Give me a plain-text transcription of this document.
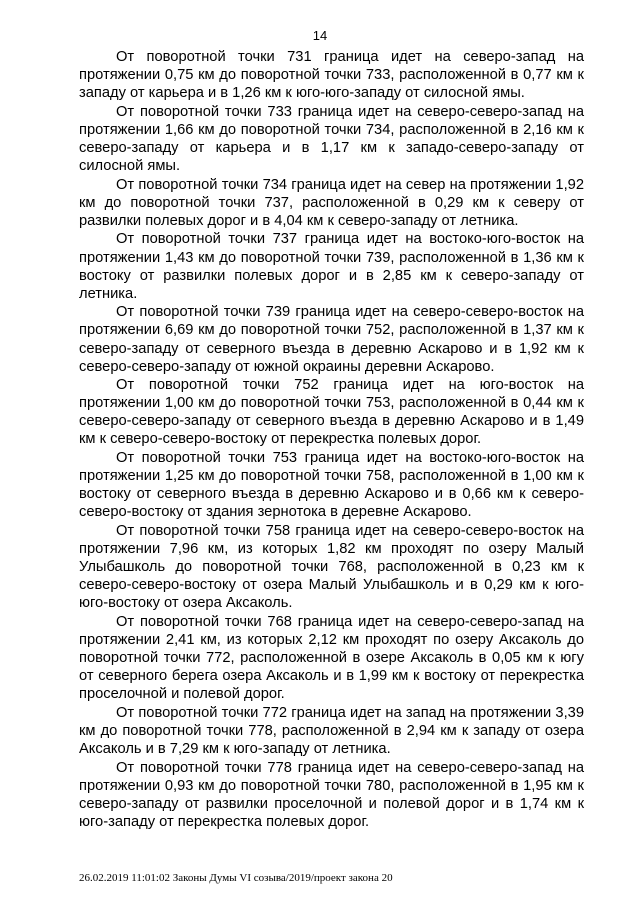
14

От поворотной точки 731 граница идет на северо-запад на протяжении 0,75 км до поворотной точки 733, расположенной в 0,77 км к западу от карьера и в 1,26 км к юго-юго-западу от силосной ямы.

От поворотной точки 733 граница идет на северо-северо-запад на протяжении 1,66 км до поворотной точки 734, расположенной в 2,16 км к северо-западу от карьера и в 1,17 км к западо-северо-западу от силосной ямы.

От поворотной точки 734 граница идет на север на протяжении 1,92 км до поворотной точки 737, расположенной в 0,29 км к северу от развилки полевых дорог и в 4,04 км к северо-западу от летника.

От поворотной точки 737 граница идет на востоко-юго-восток на протяжении 1,43 км до поворотной точки 739, расположенной в 1,36 км к востоку от развилки полевых дорог и в 2,85 км к северо-западу от летника.

От поворотной точки 739 граница идет на северо-северо-восток на протяжении 6,69 км до поворотной точки 752, расположенной в 1,37 км к северо-западу от северного въезда в деревню Аскарово и в 1,92 км к северо-северо-западу от южной окраины деревни Аскарово.

От поворотной точки 752 граница идет на юго-восток на протяжении 1,00 км до поворотной точки 753, расположенной в 0,44 км к северо-северо-западу от северного въезда в деревню Аскарово и в 1,49 км к северо-северо-востоку от перекрестка полевых дорог.

От поворотной точки 753 граница идет на востоко-юго-восток на протяжении 1,25 км до поворотной точки 758, расположенной в 1,00 км к востоку от северного въезда в деревню Аскарово и в 0,66 км к северо-северо-востоку от здания зернотока в деревне Аскарово.

От поворотной точки 758 граница идет на северо-северо-восток на протяжении 7,96 км, из которых 1,82 км проходят по озеру Малый Улыбашколь до поворотной точки 768, расположенной в 0,23 км к северо-северо-востоку от озера Малый Улыбашколь и в 0,29 км к юго-юго-востоку от озера Аксаколь.

От поворотной точки 768 граница идет на северо-северо-запад на протяжении 2,41 км, из которых 2,12 км проходят по озеру Аксаколь до поворотной точки 772, расположенной в озере Аксаколь в 0,05 км к югу от северного берега озера Аксаколь и в 1,99 км к востоку от перекрестка проселочной и полевой дорог.

От поворотной точки 772 граница идет на запад на протяжении 3,39 км до поворотной точки 778, расположенной в 2,94 км к западу от озера Аксаколь и в 7,29 км к юго-западу от летника.

От поворотной точки 778 граница идет на северо-северо-запад на протяжении 0,93 км до поворотной точки 780, расположенной в 1,95 км к северо-западу от развилки проселочной и полевой дорог и в 1,74 км к юго-западу от перекрестка полевых дорог.

26.02.2019 11:01:02 Законы Думы VI созыва/2019/проект закона 20
